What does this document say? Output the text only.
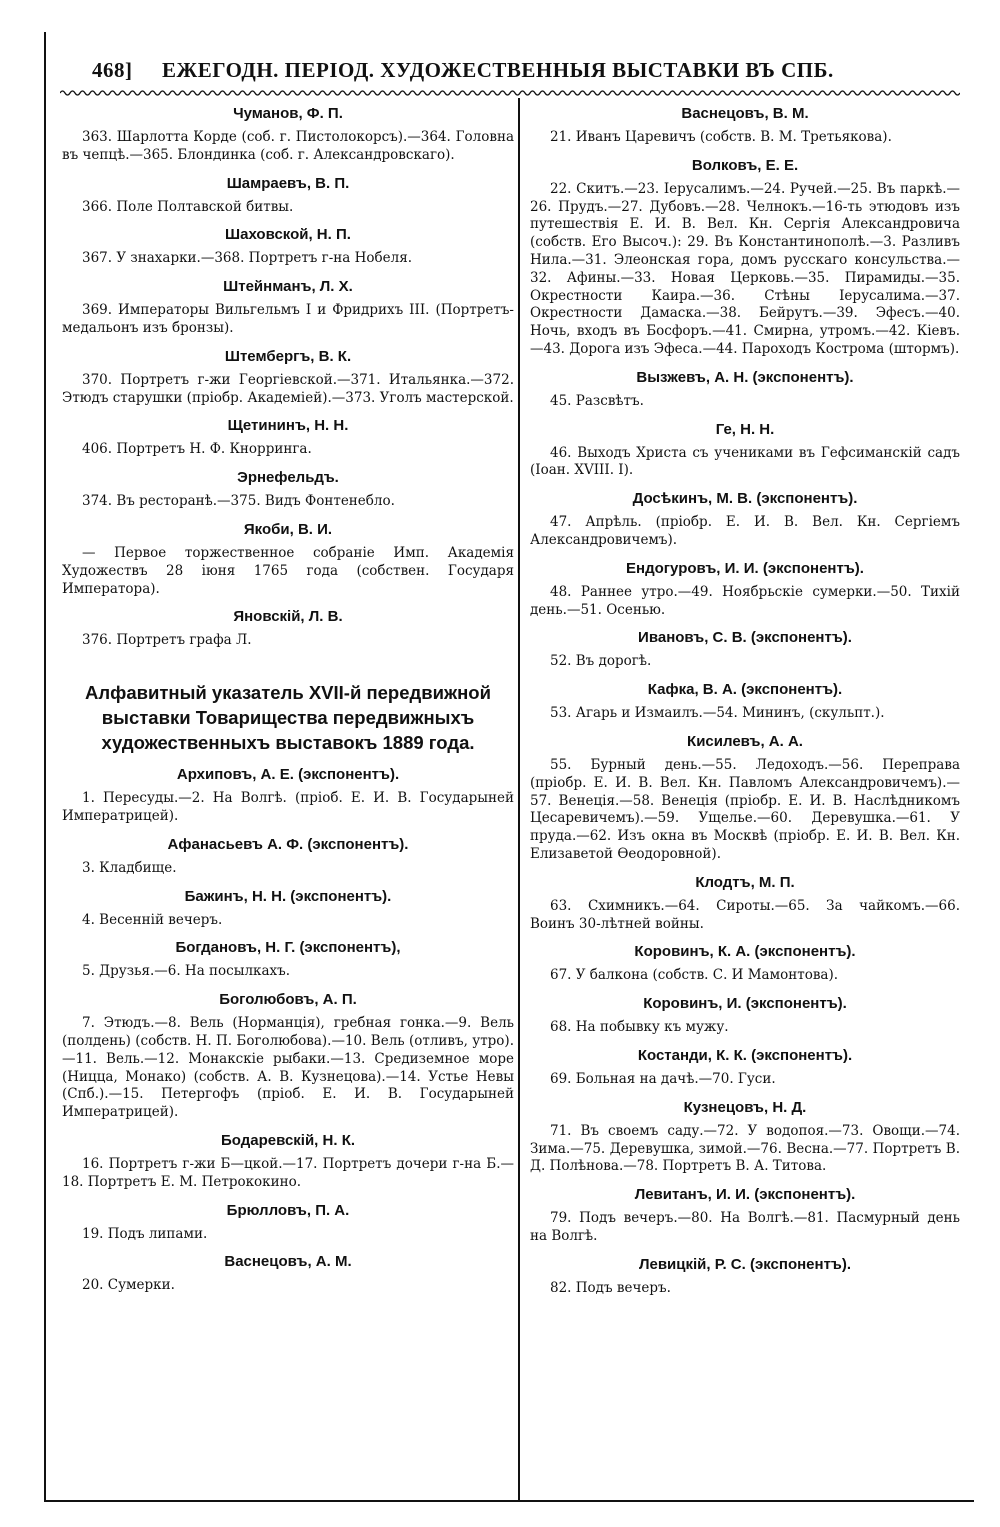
468] ЕЖЕГОДН. ПЕРІОД. ХУДОЖЕСТВЕННЫЯ ВЫСТАВКИ ВЪ СПБ.
Чуманов, Ф. П.

363. Шарлотта Корде (соб. г. Пистолокорсъ).—364. Головна въ чепцѣ.—365. Блондинка (соб. г. Александровскаго).

Шамраевъ, В. П.

366. Поле Полтавской битвы.

Шаховской, Н. П.

367. У знахарки.—368. Портретъ г-на Нобеля.

Штейнманъ, Л. Х.

369. Императоры Вильгельмъ I и Фридрихъ III. (Портретъ-медальонъ изъ бронзы).

Штембергъ, В. К.

370. Портретъ г-жи Георгіевской.—371. Итальянка.—372. Этюдъ старушки (пріобр. Академіей).—373. Уголъ мастерской.

Щетининъ, Н. Н.

406. Портретъ Н. Ф. Кнорринга.

Эрнефельдъ.

374. Въ ресторанѣ.—375. Видъ Фонтенебло.

Якоби, В. И.

— Первое торжественное собраніе Имп. Академія Художествъ 28 іюня 1765 года (собствен. Государя Императора).

Яновскій, Л. В.

376. Портретъ графа Л.

Алфавитный указатель XVII-й передвижной выставки Товарищества передвижныхъ художественныхъ выставокъ 1889 года.
Архиповъ, А. Е. (экспонентъ).

1. Пересуды.—2. На Волгѣ. (пріоб. Е. И. В. Государыней Императрицей).

Афанасьевъ А. Ф. (экспонентъ).

3. Кладбище.

Бажинъ, Н. Н. (экспонентъ).

4. Весенній вечеръ.

Богдановъ, Н. Г. (экспонентъ),

5. Друзья.—6. На посылкахъ.

Боголюбовъ, А. П.

7. Этюдъ.—8. Вель (Норманція), гребная гонка.—9. Вель (полдень) (собств. Н. П. Боголюбова).—10. Вель (отливъ, утро).—11. Вель.—12. Монакскіе рыбаки.—13. Средиземное море (Ницца, Монако) (собств. А. В. Кузнецова).—14. Устье Невы (Спб.).—15. Петергофъ (пріоб. Е. И. В. Государыней Императрицей).

Бодаревскій, Н. К.

16. Портретъ г-жи Б—цкой.—17. Портретъ дочери г-на Б.—18. Портретъ Е. М. Петрококино.

Брюлловъ, П. А.

19. Подъ липами.

Васнецовъ, А. М.

20. Сумерки.

Васнецовъ, В. М.

21. Иванъ Царевичъ (собств. В. М. Третьякова).

Волковъ, Е. Е.

22. Скитъ.—23. Іерусалимъ.—24. Ручей.—25. Въ паркѣ.—26. Прудъ.—27. Дубовъ.—28. Челнокъ.—16-ть этюдовъ изъ путешествія Е. И. В. Вел. Кн. Сергія Александровича (собств. Его Высоч.): 29. Въ Константинополѣ.—3. Разливъ Нила.—31. Элеонская гора, домъ русскаго консульства.—32. Афины.—33. Новая Церковь.—35. Пирамиды.—35. Окрестности Каира.—36. Стѣны Іерусалима.—37. Окрестности Дамаска.—38. Бейрутъ.—39. Эфесъ.—40. Ночь, входъ въ Босфоръ.—41. Смирна, утромъ.—42. Кіевъ.—43. Дорога изъ Эфеса.—44. Пароходъ Кострома (штормъ).

Вызжевъ, А. Н. (экспонентъ).

45. Разсвѣтъ.

Ге, Н. Н.

46. Выходъ Христа съ учениками въ Гефсиманскій садъ (Іоан. XVIII. I).

Досѣкинъ, М. В. (экспонентъ).

47. Апрѣль. (пріобр. Е. И. В. Вел. Кн. Сергіемъ Александровичемъ).

Ендогуровъ, И. И. (экспонентъ).

48. Раннее утро.—49. Ноябрьскіе сумерки.—50. Тихій день.—51. Осенью.

Ивановъ, С. В. (экспонентъ).

52. Въ дорогѣ.

Кафка, В. А. (экспонентъ).

53. Агарь и Измаилъ.—54. Мининъ, (скульпт.).

Кисилевъ, А. А.

55. Бурный день.—55. Ледоходъ.—56. Переправа (пріобр. Е. И. В. Вел. Кн. Павломъ Александровичемъ).—57. Венеція.—58. Венеція (пріобр. Е. И. В. Наслѣдникомъ Цесаревичемъ).—59. Ущелье.—60. Деревушка.—61. У пруда.—62. Изъ окна въ Москвѣ (пріобр. Е. И. В. Вел. Кн. Елизаветой Ѳеодоровной).

Клодтъ, М. П.

63. Схимникъ.—64. Сироты.—65. За чайкомъ.—66. Воинъ 30-лѣтней войны.

Коровинъ, К. А. (экспонентъ).

67. У балкона (собств. С. И Мамонтова).

Коровинъ, И. (экспонентъ).

68. На побывку къ мужу.

Костанди, К. К. (экспонентъ).

69. Больная на дачѣ.—70. Гуси.

Кузнецовъ, Н. Д.

71. Въ своемъ саду.—72. У водопоя.—73. Овощи.—74. Зима.—75. Деревушка, зимой.—76. Весна.—77. Портретъ В. Д. Полѣнова.—78. Портретъ В. А. Титова.

Левитанъ, И. И. (экспонентъ).

79. Подъ вечеръ.—80. На Волгѣ.—81. Пасмурный день на Волгѣ.

Левицкій, Р. С. (экспонентъ).

82. Подъ вечеръ.
